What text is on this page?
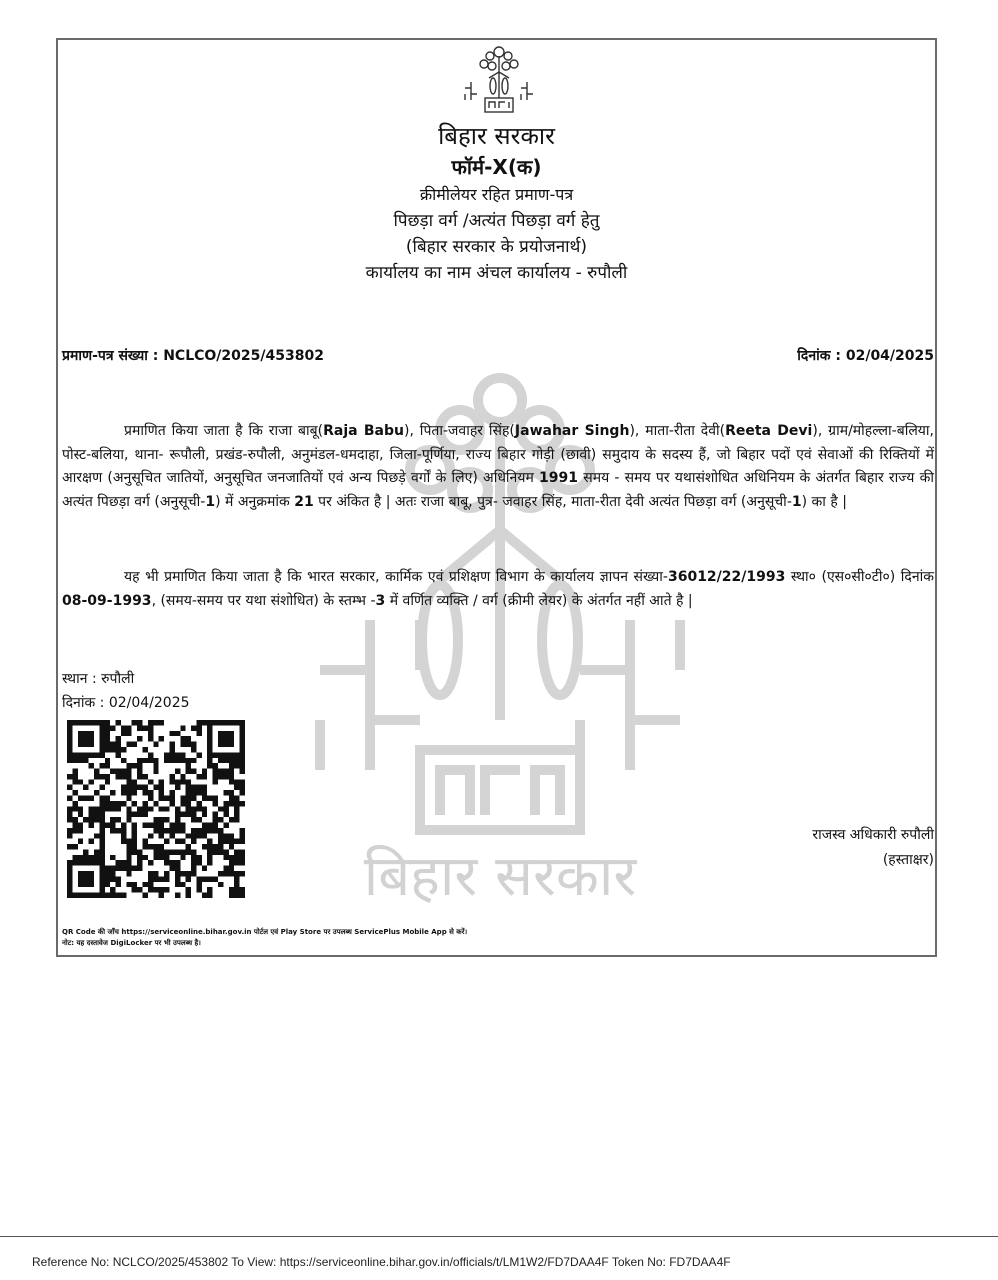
बिहार सरकार
बिहार सरकार
फॉर्म-X(क)
क्रीमीलेयर रहित प्रमाण-पत्र
पिछड़ा वर्ग /अत्यंत पिछड़ा वर्ग हेतु
(बिहार सरकार के प्रयोजनार्थ)
कार्यालय का नाम अंचल कार्यालय - रुपौली
प्रमाण-पत्र संख्या : NCLCO/2025/453802	दिनांक : 02/04/2025
प्रमाणित किया जाता है कि राजा बाबू(Raja Babu), पिता-जवाहर सिंह(Jawahar Singh), माता-रीता देवी(Reeta Devi), ग्राम/मोहल्ला-बलिया, पोस्ट-बलिया, थाना- रूपौली, प्रखंड-रुपौली, अनुमंडल-धमदाहा, जिला-पूर्णिया, राज्य बिहार गोड़ी (छावी) समुदाय के सदस्य हैं, जो बिहार पदों एवं सेवाओं की रिक्तियों में आरक्षण (अनुसूचित जातियों, अनुसूचित जनजातियों एवं अन्य पिछड़े वर्गों के लिए) अधिनियम 1991 समय - समय पर यथासंशोधित अधिनियम के अंतर्गत बिहार राज्य की अत्यंत पिछड़ा वर्ग (अनुसूची-1) में अनुक्रमांक 21 पर अंकित है | अतः राजा बाबू, पुत्र- जवाहर सिंह, माता-रीता देवी अत्यंत पिछड़ा वर्ग (अनुसूची-1) का है |
यह भी प्रमाणित किया जाता है कि भारत सरकार, कार्मिक एवं प्रशिक्षण विभाग के कार्यालय ज्ञापन संख्या-36012/22/1993 स्था० (एस०सी०टी०) दिनांक 08-09-1993, (समय-समय पर यथा संशोधित) के स्तम्भ -3 में वर्णित व्यक्ति / वर्ग (क्रीमी लेयर) के अंतर्गत नहीं आते है |
स्थान : रुपौली
दिनांक : 02/04/2025
राजस्व अधिकारी रुपौली
(हस्ताक्षर)
QR Code की जाँच https://serviceonline.bihar.gov.in पोर्टल एवं Play Store पर उपलब्ध ServicePlus Mobile App से करें।
नोट: यह दस्तावेज DigiLocker पर भी उपलब्ध है।
Reference No: NCLCO/2025/453802 To View: https://serviceonline.bihar.gov.in/officials/t/LM1W2/FD7DAA4F Token No: FD7DAA4F
